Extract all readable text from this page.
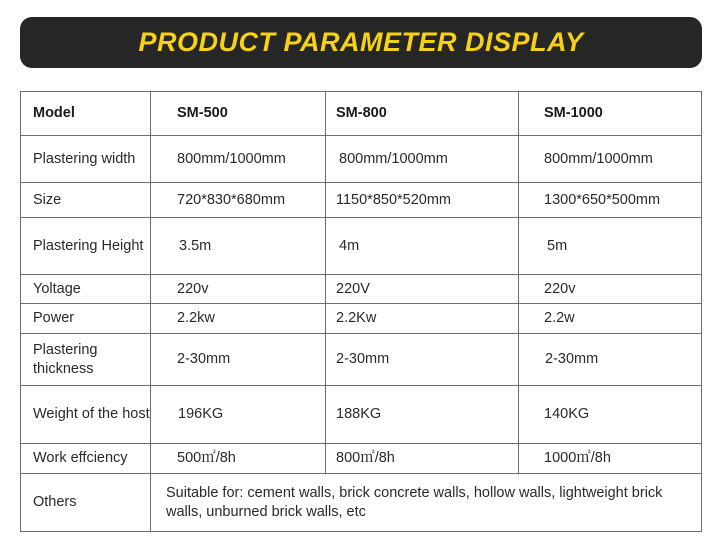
PRODUCT PARAMETER DISPLAY
Model	SM-500	SM-800	SM-1000
Plastering width	800mm/1000mm	800mm/1000mm	800mm/1000mm
Size	720*830*680mm	1150*850*520mm	1300*650*500mm
Plastering Height	3.5m	4m	5m
Yoltage	220v	220V	220v
Power	2.2kw	2.2Kw	2.2w
Plastering thickness	2-30mm	2-30mm	2-30mm
Weight of the host	196KG	188KG	140KG
Work effciency	500㎡/8h	800㎡/8h	1000㎡/8h
Others	Suitable for: cement walls, brick concrete walls, hollow walls, lightweight brick walls, unburned brick walls, etc		
